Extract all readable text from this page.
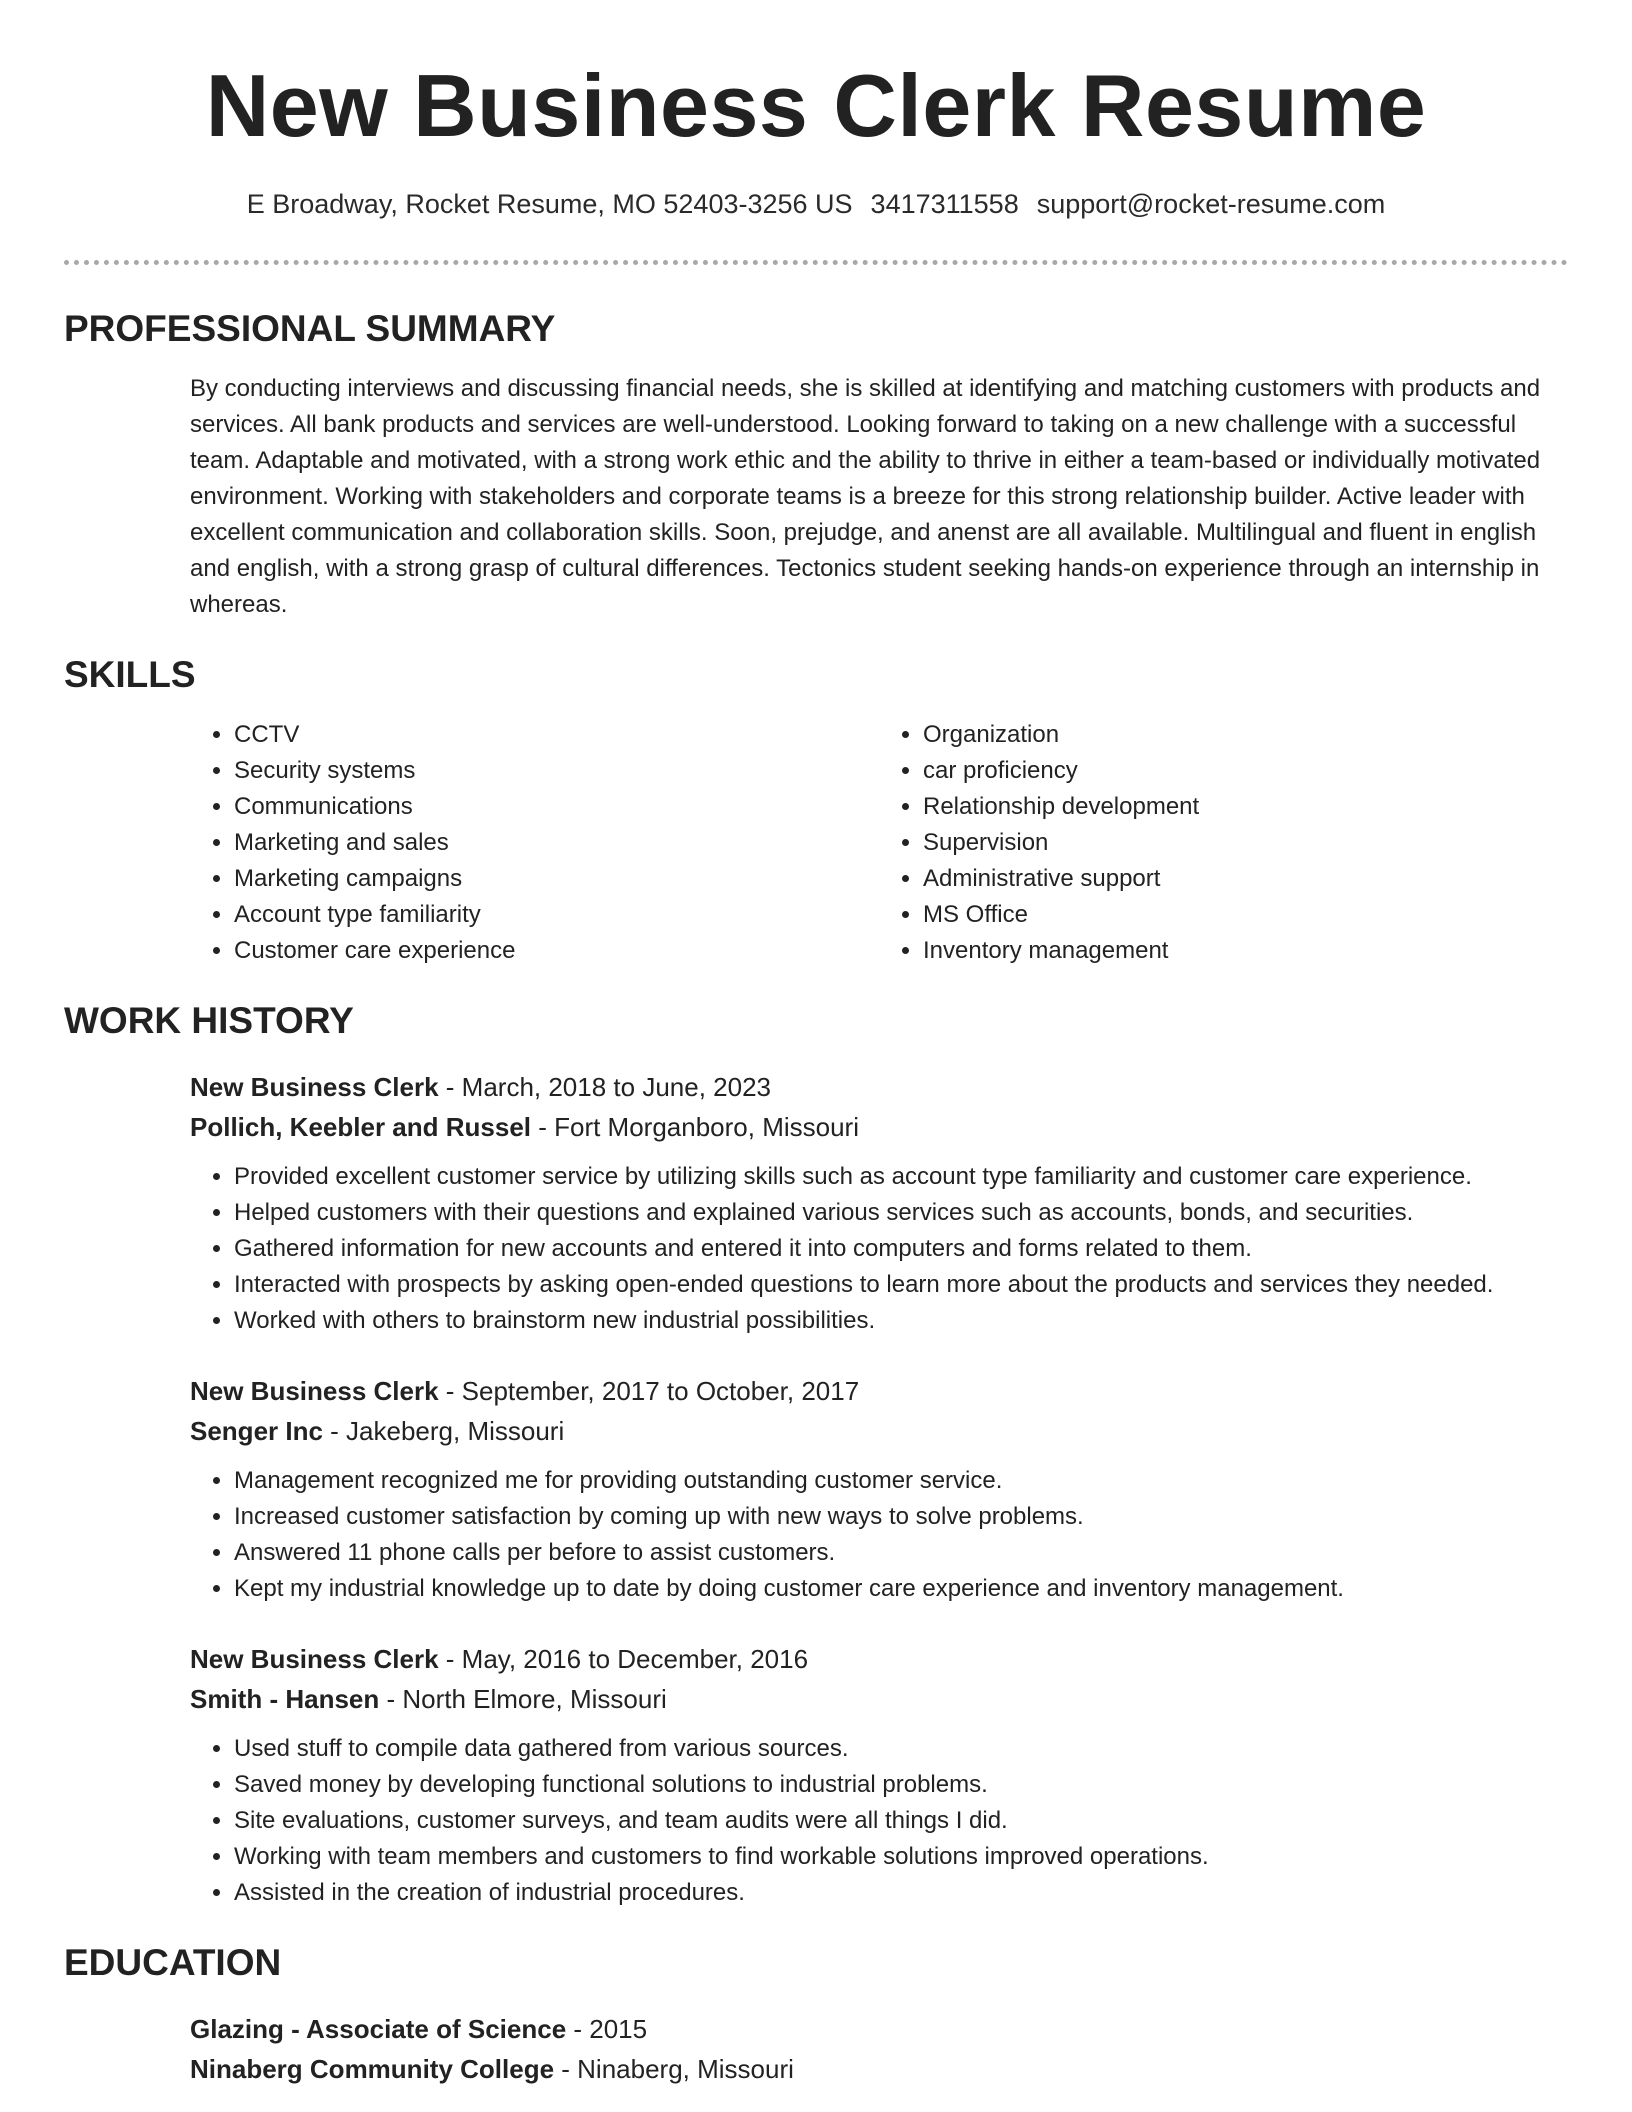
New Business Clerk Resume
E Broadway, Rocket Resume, MO 52403-3256 US 3417311558 support@rocket-resume.com
PROFESSIONAL SUMMARY

By conducting interviews and discussing financial needs, she is skilled at identifying and matching customers with products and services. All bank products and services are well-understood. Looking forward to taking on a new challenge with a successful team. Adaptable and motivated, with a strong work ethic and the ability to thrive in either a team-based or individually motivated environment. Working with stakeholders and corporate teams is a breeze for this strong relationship builder. Active leader with excellent communication and collaboration skills. Soon, prejudge, and anenst are all available. Multilingual and fluent in english and english, with a strong grasp of cultural differences. Tectonics student seeking hands-on experience through an internship in whereas.

SKILLS
• CCTV
• Security systems
• Communications
• Marketing and sales
• Marketing campaigns
• Account type familiarity
• Customer care experience
• Organization
• car proficiency
• Relationship development
• Supervision
• Administrative support
• MS Office
• Inventory management
WORK HISTORY
New Business Clerk - March, 2018 to June, 2023
Pollich, Keebler and Russel - Fort Morganboro, Missouri
• Provided excellent customer service by utilizing skills such as account type familiarity and customer care experience.
• Helped customers with their questions and explained various services such as accounts, bonds, and securities.
• Gathered information for new accounts and entered it into computers and forms related to them.
• Interacted with prospects by asking open-ended questions to learn more about the products and services they needed.
• Worked with others to brainstorm new industrial possibilities.
New Business Clerk - September, 2017 to October, 2017
Senger Inc - Jakeberg, Missouri
• Management recognized me for providing outstanding customer service.
• Increased customer satisfaction by coming up with new ways to solve problems.
• Answered 11 phone calls per before to assist customers.
• Kept my industrial knowledge up to date by doing customer care experience and inventory management.
New Business Clerk - May, 2016 to December, 2016
Smith - Hansen - North Elmore, Missouri
• Used stuff to compile data gathered from various sources.
• Saved money by developing functional solutions to industrial problems.
• Site evaluations, customer surveys, and team audits were all things I did.
• Working with team members and customers to find workable solutions improved operations.
• Assisted in the creation of industrial procedures.
EDUCATION
Glazing - Associate of Science - 2015
Ninaberg Community College - Ninaberg, Missouri
